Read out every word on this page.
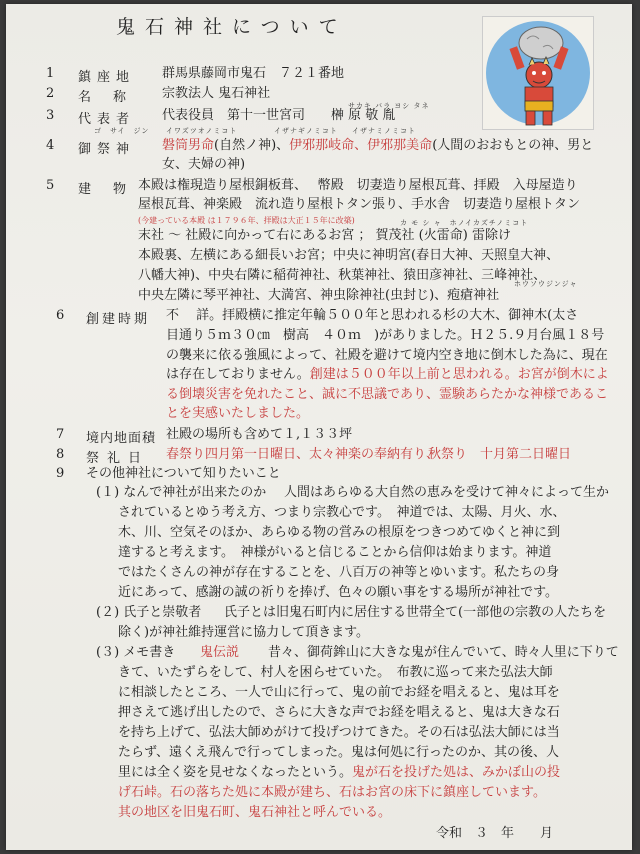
鬼石神社について
1 鎮座地 群馬県藤岡市鬼石　７２１番地
2 名称 宗教法人 鬼石神社
サカキ バラ ヨシ タネ
3 代表者 代表役員　第十一世宮司　　榊 原 敬 胤
ゴ　サイ　ジン イワズツオノミコト	イザナギノミコト イザナミノミコト
4 御祭神 磐筒男命(自然ノ神)、伊邪那岐命、伊邪那美命(人間のおおもとの神、男と
女、夫婦の神)
5 建物
本殿は権現造り屋根銅板葺、　 幣殿　切妻造り屋根瓦葺、拝殿　入母屋造り
屋根瓦葺、神楽殿　流れ造り屋根トタン張り、手水舎　切妻造り屋根トタン
(今建っている本殿 は１７９６年、拝殿は大正１５年に改築)	カ モ シ ャ　ホノイカズチノミコト
末社 ～ 社殿に向かって右にあるお宮 ； 賀茂社 (火雷命) 雷除け
本殿裏、左横にある細長いお宮；中央に神明宮(春日大神、天照皇大神、
八幡大神)、中央右隣に稲荷神社、秋葉神社、猿田彦神社、三峰神社、
ホウソウジンジャ
中央左隣に琴平神社、大満宮、神虫除神社(虫封じ)、疱瘡神社
6 創建時期 不　 詳。拝殿横に推定年輪５００年と思われる杉の大木、御神木(太さ
目通り５ｍ３０㎝　樹高　４０ｍ　)がありました。Ｈ２５.９月台風１８号
の襲来に依る強風によって、社殿を避けて境内空き地に倒木した為に、現在
は存在しておりません。創建は５００年以上前と思われる。お宮が倒木によ
る倒壊災害を免れたこと、誠に不思議であり、霊験あらたかな神様であるこ
とを実感いたしました。
7 境内地面積 社殿の場所も含めて１,１３３坪
8 祭礼日 春祭り四月第一日曜日、太々神楽の奉納有り、
秋祭り　十月第二日曜日
9 その他神社について知りたいこと
(１) なんで神社が出来たのか 人間はあらゆる大自然の恵みを受けて神々によって生か
されているとゆう考え方、つまり宗教心です。　神道では、太陽、月火、水、
木、川、空気そのほか、あらゆる物の営みの根原をつきつめてゆくと神に到
達すると考えます。　神様がいると信じることから信仰は始まります。神道
ではたくさんの神が存在することを、八百万の神等とゆいます。私たちの身
近にあって、感謝の誠の祈りを捧げ、色々の願い事をする場所が神社です。
(２) 氏子と崇敬者 氏子とは旧鬼石町内に居住する世帯全て(一部他の宗教の人たちを
除く)が神社維持運営に協力して頂きます。
(３) メモ書き 鬼伝説 昔々、御荷鉾山に大きな鬼が住んでいて、時々人里に下りて
きて、いたずらをして、村人を困らせていた。　布教に巡って来た弘法大師
に相談したところ、一人で山に行って、鬼の前でお経を唱えると、鬼は耳を
押さえて逃げ出したので、さらに大きな声でお経を唱えると、鬼は大きな石
を持ち上げて、弘法大師めがけて投げつけてきた。その石は弘法大師には当
たらず、遠くえ飛んで行ってしまった。鬼は何処に行ったのか、其の後、人
里には全く姿を見せなくなったという。鬼が石を投げた処は、みかぼ山の投
げ石峠。石の落ちた処に本殿が建ち、石はお宮の床下に鎮座しています。
其の地区を旧鬼石町、鬼石神社と呼んでいる。
令和　３　年　　月
